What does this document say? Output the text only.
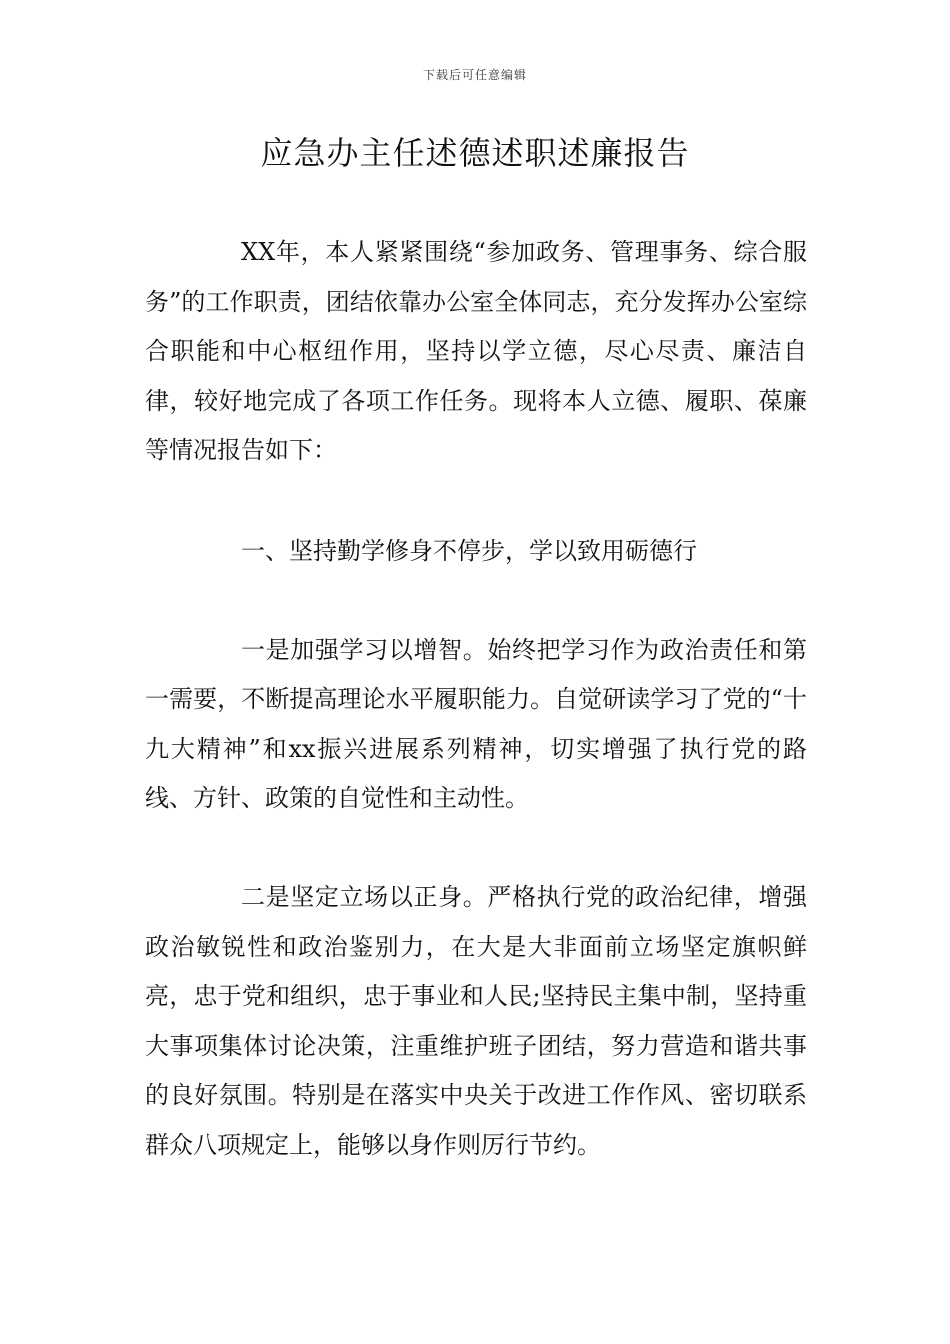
下载后可任意编辑
应急办主任述德述职述廉报告

XX年，本人紧紧围绕“参加政务、管理事务、综合服务”的工作职责，团结依靠办公室全体同志，充分发挥办公室综合职能和中心枢纽作用，坚持以学立德，尽心尽责、廉洁自律，较好地完成了各项工作任务。现将本人立德、履职、葆廉等情况报告如下：

一、坚持勤学修身不停步，学以致用砺德行

一是加强学习以增智。始终把学习作为政治责任和第一需要，不断提高理论水平履职能力。自觉研读学习了党的“十九大精神”和xx振兴进展系列精神，切实增强了执行党的路线、方针、政策的自觉性和主动性。

二是坚定立场以正身。严格执行党的政治纪律，增强政治敏锐性和政治鉴别力，在大是大非面前立场坚定旗帜鲜亮，忠于党和组织，忠于事业和人民;坚持民主集中制，坚持重大事项集体讨论决策，注重维护班子团结，努力营造和谐共事的良好氛围。特别是在落实中央关于改进工作作风、密切联系群众八项规定上，能够以身作则厉行节约。
